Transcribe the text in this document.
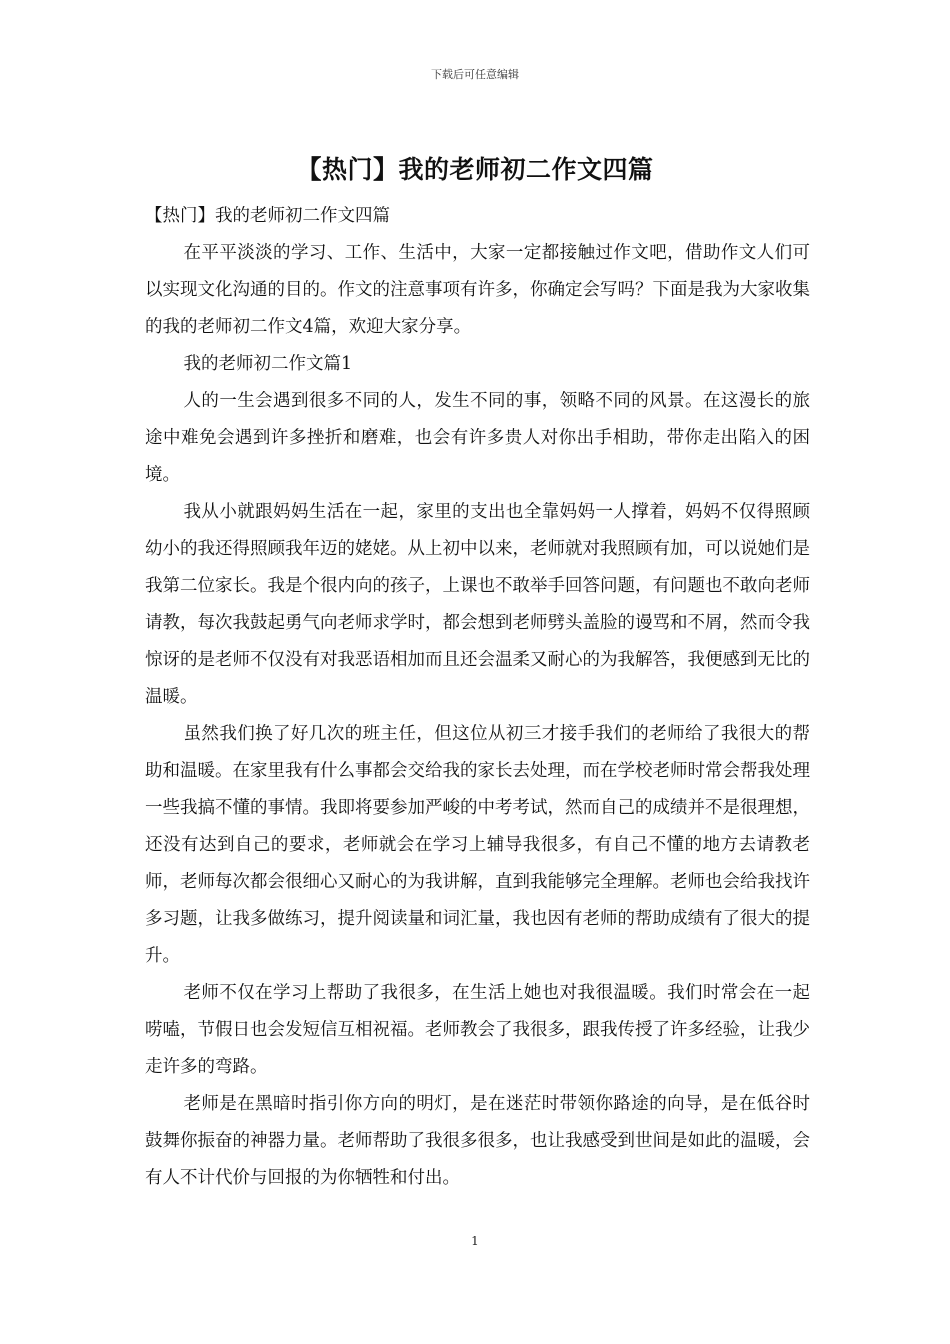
下载后可任意编辑
【热门】我的老师初二作文四篇

【热门】我的老师初二作文四篇

在平平淡淡的学习、工作、生活中，大家一定都接触过作文吧，借助作文人们可以实现文化沟通的目的。作文的注意事项有许多，你确定会写吗？下面是我为大家收集的我的老师初二作文4篇，欢迎大家分享。

我的老师初二作文篇1

人的一生会遇到很多不同的人，发生不同的事，领略不同的风景。在这漫长的旅途中难免会遇到许多挫折和磨难，也会有许多贵人对你出手相助，带你走出陷入的困境。

我从小就跟妈妈生活在一起，家里的支出也全靠妈妈一人撑着，妈妈不仅得照顾幼小的我还得照顾我年迈的姥姥。从上初中以来，老师就对我照顾有加，可以说她们是我第二位家长。我是个很内向的孩子，上课也不敢举手回答问题，有问题也不敢向老师请教，每次我鼓起勇气向老师求学时，都会想到老师劈头盖脸的谩骂和不屑，然而令我惊讶的是老师不仅没有对我恶语相加而且还会温柔又耐心的为我解答，我便感到无比的温暖。

虽然我们换了好几次的班主任，但这位从初三才接手我们的老师给了我很大的帮助和温暖。在家里我有什么事都会交给我的家长去处理，而在学校老师时常会帮我处理一些我搞不懂的事情。我即将要参加严峻的中考考试，然而自己的成绩并不是很理想，还没有达到自己的要求，老师就会在学习上辅导我很多，有自己不懂的地方去请教老师，老师每次都会很细心又耐心的为我讲解，直到我能够完全理解。老师也会给我找许多习题，让我多做练习，提升阅读量和词汇量，我也因有老师的帮助成绩有了很大的提升。

老师不仅在学习上帮助了我很多，在生活上她也对我很温暖。我们时常会在一起唠嗑，节假日也会发短信互相祝福。老师教会了我很多，跟我传授了许多经验，让我少走许多的弯路。

老师是在黑暗时指引你方向的明灯，是在迷茫时带领你路途的向导，是在低谷时鼓舞你振奋的神器力量。老师帮助了我很多很多，也让我感受到世间是如此的温暖，会有人不计代价与回报的为你牺牲和付出。

1
